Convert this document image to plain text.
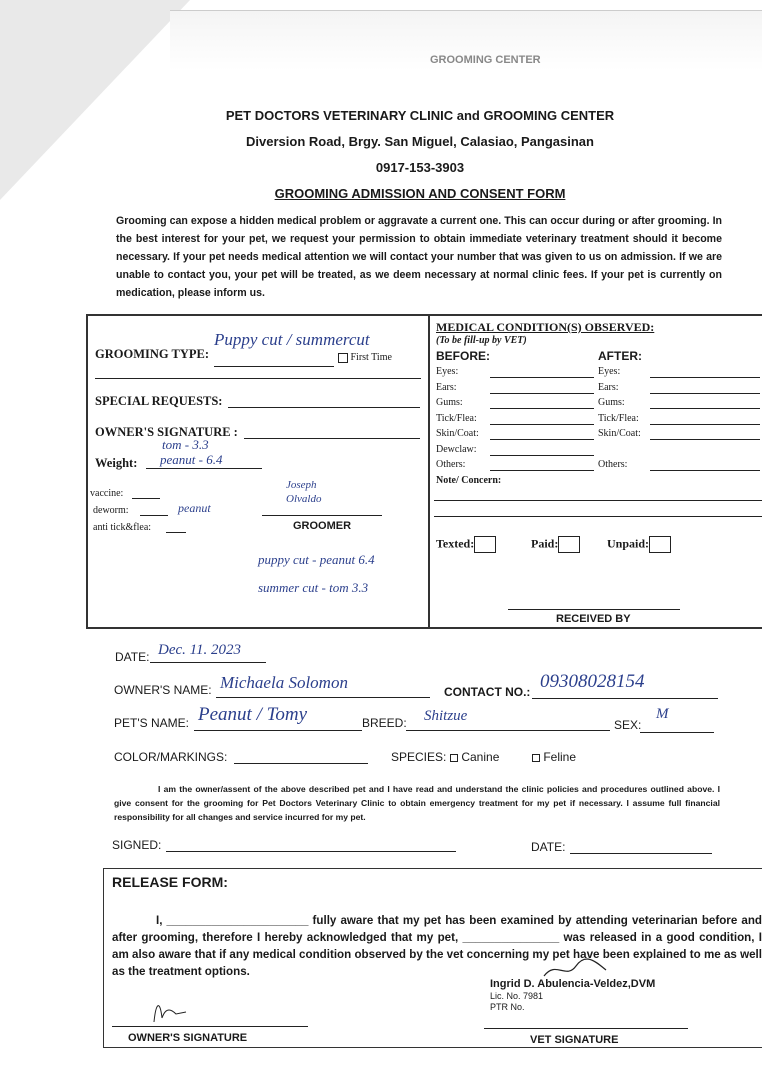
GROOMING CENTER
PET DOCTORS VETERINARY CLINIC and GROOMING CENTER
Diversion Road, Brgy. San Miguel, Calasiao, Pangasinan
0917-153-3903
GROOMING ADMISSION AND CONSENT FORM
Grooming can expose a hidden medical problem or aggravate a current one. This can occur during or after grooming. In the best interest for your pet, we request your permission to obtain immediate veterinary treatment should it become necessary. If your pet needs medical attention we will contact your number that was given to us on admission. If we are unable to contact you, your pet will be treated, as we deem necessary at normal clinic fees. If your pet is currently on medication, please inform us.
GROOMING TYPE:
Puppy cut / summercut
First Time
SPECIAL REQUESTS:
OWNER'S SIGNATURE :
tom - 3.3
Weight: peanut - 6.4
vaccine:
deworm:	peanut
anti tick&flea:
Joseph Olvaldo
GROOMER
puppy cut - peanut 6.4
summer cut - tom 3.3
MEDICAL CONDITION(S) OBSERVED:
(To be fill-up by VET)
BEFORE:	AFTER:
Eyes:
Ears:
Gums:
Tick/Flea:
Skin/Coat:
Dewclaw:
Others:
Eyes:
Ears:
Gums:
Tick/Flea:
Skin/Coat:
Others:
Note/ Concern:
Texted:	Paid:	Unpaid:
RECEIVED BY
DATE: Dec. 11. 2023
OWNER'S NAME: Michaela Solomon	CONTACT NO.: 09308028154
PET'S NAME: Peanut / Tomy	BREED: Shitzue
SEX:
M
COLOR/MARKINGS:	SPECIES:	Canine	Feline
I am the owner/assent of the above described pet and I have read and understand the clinic policies and procedures outlined above. I give consent for the grooming for Pet Doctors Veterinary Clinic to obtain emergency treatment for my pet if necessary. I assume full financial responsibility for all changes and service incurred for my pet.
SIGNED:	DATE:
RELEASE FORM:
I, ______________________ fully aware that my pet has been examined by attending veterinarian before and after grooming, therefore I hereby acknowledged that my pet, _______________ was released in a good condition, I am also aware that if any medical condition observed by the vet concerning my pet have been explained to me as well as the treatment options.
Ingrid D. Abulencia-Veldez,DVM
Lic. No. 7981
PTR No.
OWNER'S SIGNATURE	VET SIGNATURE
